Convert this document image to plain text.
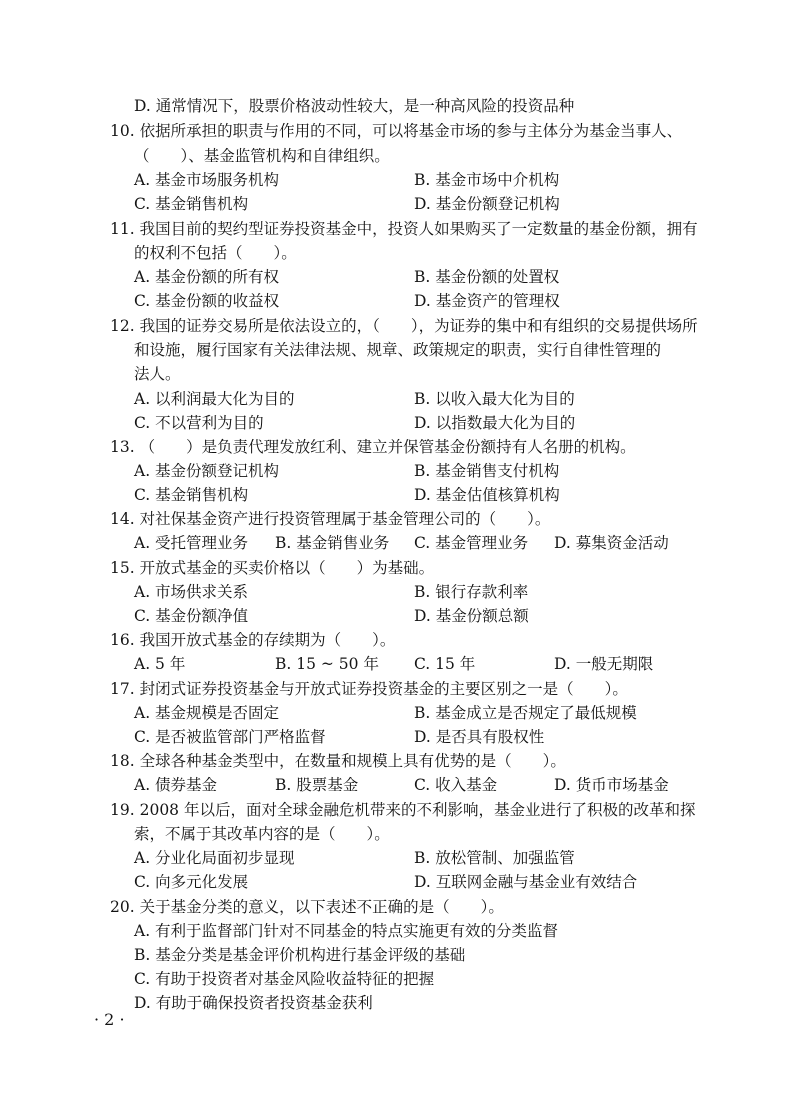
D. 通常情况下，股票价格波动性较大，是一种高风险的投资品种
10. 依据所承担的职责与作用的不同，可以将基金市场的参与主体分为基金当事人、
（　　）、基金监管机构和自律组织。
A. 基金市场服务机构	B. 基金市场中介机构
C. 基金销售机构	D. 基金份额登记机构
11. 我国目前的契约型证券投资基金中，投资人如果购买了一定数量的基金份额，拥有
的权利不包括（　　）。
A. 基金份额的所有权	B. 基金份额的处置权
C. 基金份额的收益权	D. 基金资产的管理权
12. 我国的证券交易所是依法设立的，（　　），为证券的集中和有组织的交易提供场所
和设施，履行国家有关法律法规、规章、政策规定的职责，实行自律性管理的
法人。
A. 以利润最大化为目的	B. 以收入最大化为目的
C. 不以营利为目的	D. 以指数最大化为目的
13. （　　）是负责代理发放红利、建立并保管基金份额持有人名册的机构。
A. 基金份额登记机构	B. 基金销售支付机构
C. 基金销售机构	D. 基金估值核算机构
14. 对社保基金资产进行投资管理属于基金管理公司的（　　）。
A. 受托管理业务 B. 基金销售业务 C. 基金管理业务 D. 募集资金活动
15. 开放式基金的买卖价格以（　　）为基础。
A. 市场供求关系	B. 银行存款利率
C. 基金份额净值	D. 基金份额总额
16. 我国开放式基金的存续期为（　　）。
A. 5 年	B. 15 ~ 50 年 C. 15 年	D. 一般无期限
17. 封闭式证券投资基金与开放式证券投资基金的主要区别之一是（　　）。
A. 基金规模是否固定	B. 基金成立是否规定了最低规模
C. 是否被监管部门严格监督	D. 是否具有股权性
18. 全球各种基金类型中，在数量和规模上具有优势的是（　　）。
A. 债券基金	B. 股票基金	C. 收入基金	D. 货币市场基金
19. 2008 年以后，面对全球金融危机带来的不利影响，基金业进行了积极的改革和探
索，不属于其改革内容的是（　　）。
A. 分业化局面初步显现	B. 放松管制、加强监管
C. 向多元化发展	D. 互联网金融与基金业有效结合
20. 关于基金分类的意义，以下表述不正确的是（　　）。
A. 有利于监督部门针对不同基金的特点实施更有效的分类监督
B. 基金分类是基金评价机构进行基金评级的基础
C. 有助于投资者对基金风险收益特征的把握
D. 有助于确保投资者投资基金获利
· 2 ·
